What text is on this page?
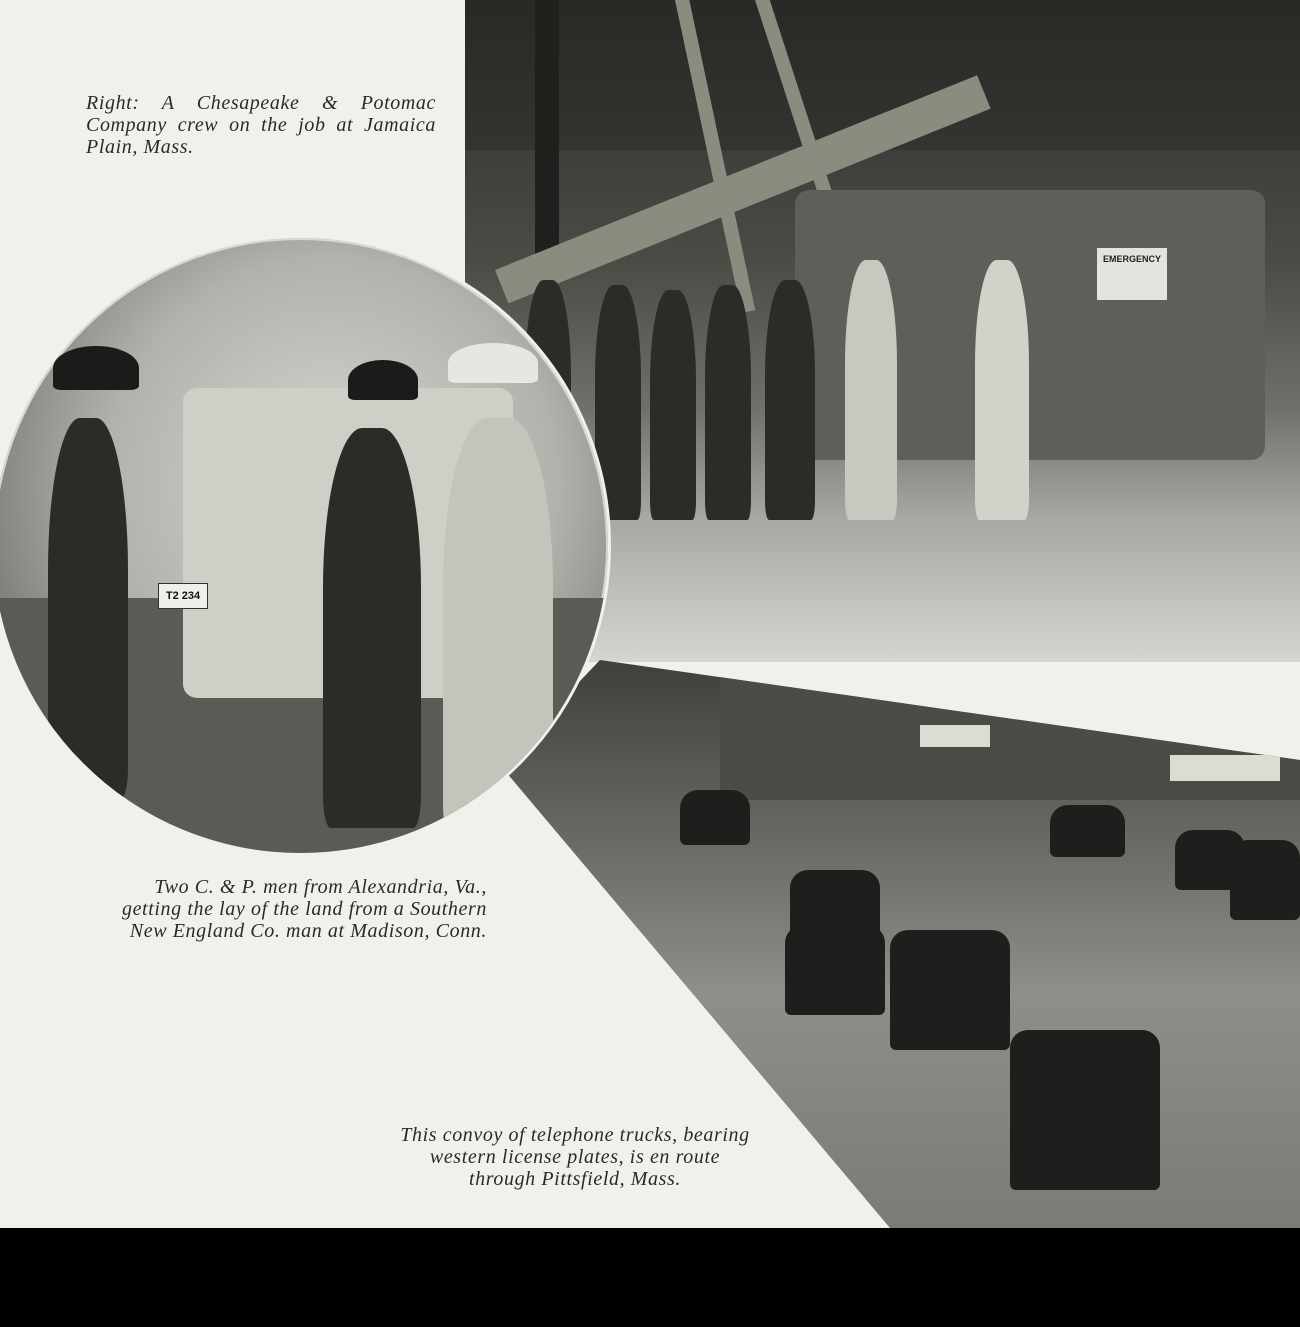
EMERGENCY
T2 234

Right: A Chesapeake & Potomac Company crew on the job at Jamaica Plain, Mass.

Two C. & P. men from Alexandria, Va., getting the lay of the land from a Southern New England Co. man at Madison, Conn.

This convoy of telephone trucks, bearing western license plates, is en route through Pittsfield, Mass.
